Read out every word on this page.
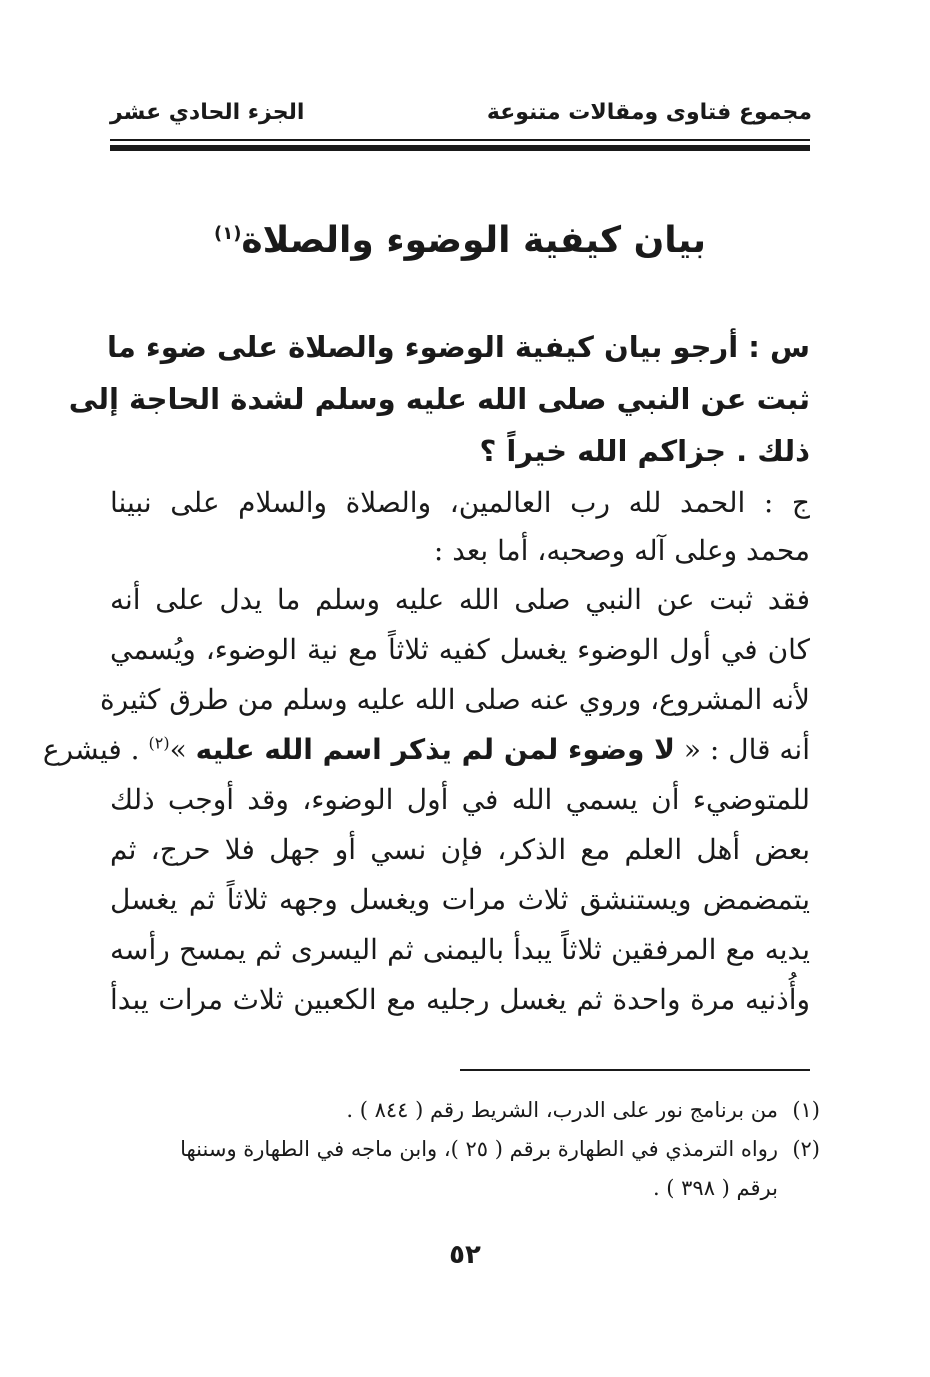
مجموع فتاوى ومقالات متنوعة
الجزء الحادي عشر
بيان كيفية الوضوء والصلاة$^{(١)}$
س : أرجو بيان كيفية الوضوء والصلاة على ضوء ما
ثبت عن النبي صلى الله عليه وسلم لشدة الحاجة إلى
ذلك . جزاكم الله خيراً ؟
ج : الحمد لله رب العالمين، والصلاة والسلام على نبينا
محمد وعلى آله وصحبه، أما بعد :
فقد ثبت عن النبي صلى الله عليه وسلم ما يدل على أنه
كان في أول الوضوء يغسل كفيه ثلاثاً مع نية الوضوء، ويُسمي
لأنه المشروع، وروي عنه صلى الله عليه وسلم من طرق كثيرة
أنه قال : « لا وضوء لمن لم يذكر اسم الله عليه »$^{(٢)}$ . فيشرع
للمتوضيء أن يسمي الله في أول الوضوء، وقد أوجب ذلك
بعض أهل العلم مع الذكر، فإن نسي أو جهل فلا حرج، ثم
يتمضمض ويستنشق ثلاث مرات ويغسل وجهه ثلاثاً ثم يغسل
يديه مع المرفقين ثلاثاً يبدأ باليمنى ثم اليسرى ثم يمسح رأسه
وأُذنيه مرة واحدة ثم يغسل رجليه مع الكعبين ثلاث مرات يبدأ
(١)من برنامج نور على الدرب، الشريط رقم ( ٨٤٤ ) .
(٢)رواه الترمذي في الطهارة برقم ( ٢٥ )، وابن ماجه في الطهارة وسننها
برقم ( ٣٩٨ ) .
٥٢
